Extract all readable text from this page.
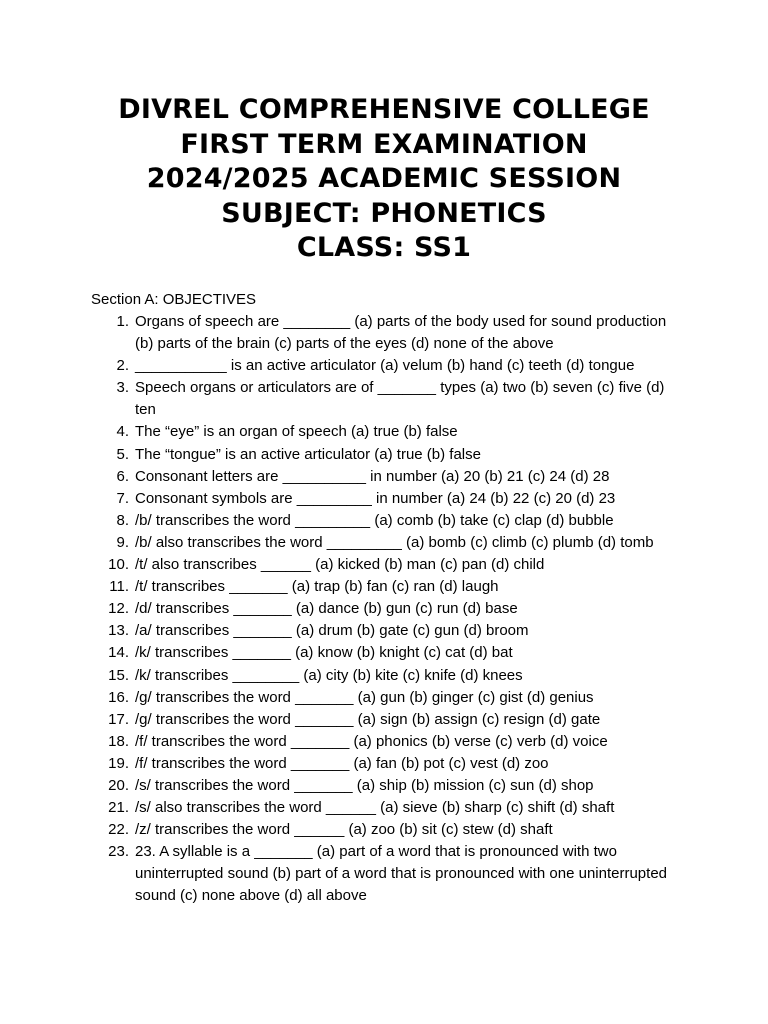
DIVREL COMPREHENSIVE COLLEGE
FIRST TERM EXAMINATION
2024/2025 ACADEMIC SESSION
SUBJECT: PHONETICS
CLASS: SS1
Section A: OBJECTIVES
1. Organs of speech are ________ (a) parts of the body used for sound production (b) parts of the brain (c) parts of the eyes (d) none of the above
2. ___________ is an active articulator (a) velum (b) hand (c) teeth (d) tongue
3. Speech organs or articulators are of _______ types (a) two (b) seven (c) five (d) ten
4. The “eye” is an organ of speech (a) true (b) false
5. The “tongue” is an active articulator (a) true (b) false
6. Consonant letters are __________ in number (a) 20 (b) 21 (c) 24 (d) 28
7. Consonant symbols are _________ in number (a) 24 (b) 22 (c) 20 (d) 23
8. /b/ transcribes the word _________ (a) comb (b) take (c) clap (d) bubble
9. /b/ also transcribes the word _________ (a) bomb (c) climb (c) plumb (d) tomb
10. /t/ also transcribes ______ (a) kicked (b) man (c) pan (d) child
11. /t/ transcribes _______ (a) trap (b) fan (c) ran (d) laugh
12. /d/ transcribes _______ (a) dance (b) gun (c) run (d) base
13. /a/ transcribes _______ (a) drum (b) gate (c) gun (d) broom
14. /k/ transcribes _______ (a) know (b) knight (c) cat (d) bat
15. /k/ transcribes ________ (a) city (b) kite (c) knife (d) knees
16. /g/ transcribes the word _______ (a) gun (b) ginger (c) gist (d) genius
17. /g/ transcribes the word _______ (a) sign (b) assign (c) resign (d) gate
18. /f/ transcribes the word _______ (a) phonics (b) verse (c) verb (d) voice
19. /f/ transcribes the word _______ (a) fan (b) pot (c) vest (d) zoo
20. /s/ transcribes the word _______ (a) ship (b) mission (c) sun (d) shop
21. /s/ also transcribes the word ______ (a) sieve (b) sharp (c) shift (d) shaft
22. /z/ transcribes the word ______ (a) zoo (b) sit (c) stew (d) shaft
23. 23. A syllable is a _______ (a) part of a word that is pronounced with two uninterrupted sound (b) part of a word that is pronounced with one uninterrupted sound (c) none above (d) all above
